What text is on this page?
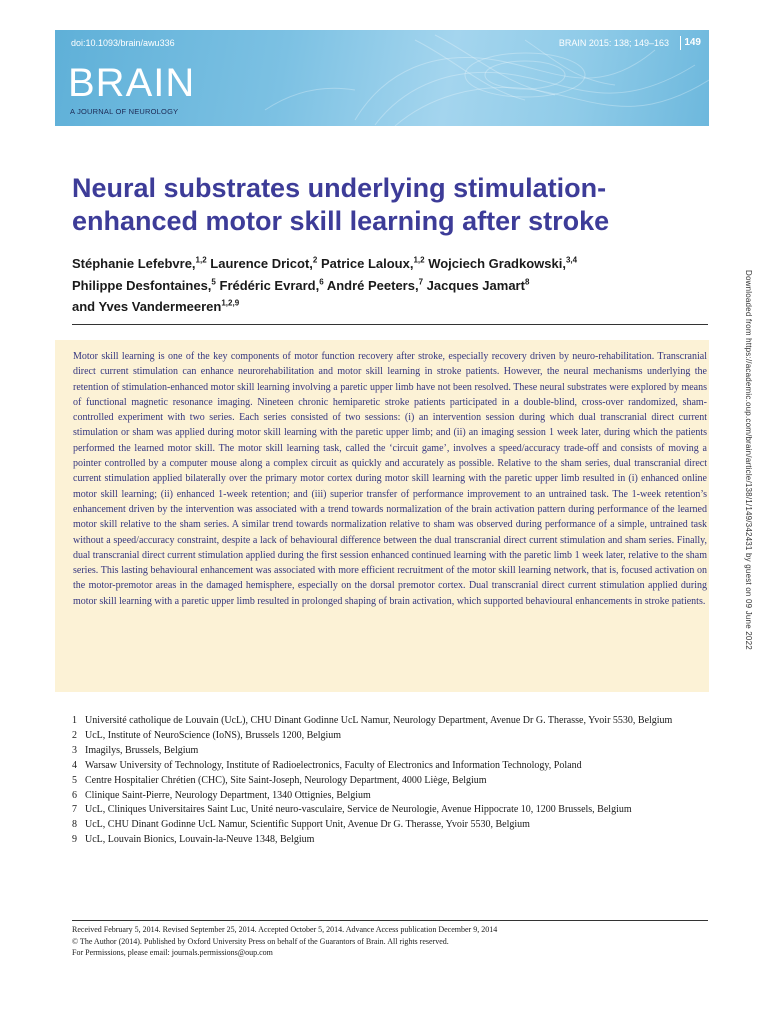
doi:10.1093/brain/awu336	BRAIN 2015: 138; 149–163 149
BRAIN
A JOURNAL OF NEUROLOGY
Neural substrates underlying stimulation-enhanced motor skill learning after stroke
Stéphanie Lefebvre,$^{1,2}$ Laurence Dricot,$^2$ Patrice Laloux,$^{1,2}$ Wojciech Gradkowski,$^{3,4}$
Philippe Desfontaines,$^5$ Frédéric Evrard,$^6$ André Peeters,$^7$ Jacques Jamart$^8$
and Yves Vandermeeren$^{1,2,9}$

Motor skill learning is one of the key components of motor function recovery after stroke, especially recovery driven by neuro-rehabilitation. Transcranial direct current stimulation can enhance neurorehabilitation and motor skill learning in stroke patients. However, the neural mechanisms underlying the retention of stimulation-enhanced motor skill learning involving a paretic upper limb have not been resolved. These neural substrates were explored by means of functional magnetic resonance imaging. Nineteen chronic hemiparetic stroke patients participated in a double-blind, cross-over randomized, sham-controlled experiment with two series. Each series consisted of two sessions: (i) an intervention session during which dual transcranial direct current stimulation or sham was applied during motor skill learning with the paretic upper limb; and (ii) an imaging session 1 week later, during which the patients performed the learned motor skill. The motor skill learning task, called the ‘circuit game’, involves a speed/accuracy trade-off and consists of moving a pointer controlled by a computer mouse along a complex circuit as quickly and accurately as possible. Relative to the sham series, dual transcranial direct current stimulation applied bilaterally over the primary motor cortex during motor skill learning with the paretic upper limb resulted in (i) enhanced online motor skill learning; (ii) enhanced 1-week retention; and (iii) superior transfer of performance improvement to an untrained task. The 1-week retention’s enhancement driven by the intervention was associated with a trend towards normalization of the brain activation pattern during performance of the learned motor skill relative to the sham series. A similar trend towards normalization relative to sham was observed during performance of a simple, untrained task without a speed/accuracy constraint, despite a lack of behavioural difference between the dual transcranial direct current stimulation and sham series. Finally, dual transcranial direct current stimulation applied during the first session enhanced continued learning with the paretic limb 1 week later, relative to the sham series. This lasting behavioural enhancement was associated with more efficient recruitment of the motor skill learning network, that is, focused activation on the motor-premotor areas in the damaged hemisphere, especially on the dorsal premotor cortex. Dual transcranial direct current stimulation applied during motor skill learning with a paretic upper limb resulted in prolonged shaping of brain activation, which supported behavioural enhancements in stroke patients.

1 Université catholique de Louvain (UcL), CHU Dinant Godinne UcL Namur, Neurology Department, Avenue Dr G. Therasse, Yvoir 5530, Belgium
2 UcL, Institute of NeuroScience (IoNS), Brussels 1200, Belgium
3 Imagilys, Brussels, Belgium
4 Warsaw University of Technology, Institute of Radioelectronics, Faculty of Electronics and Information Technology, Poland
5 Centre Hospitalier Chrétien (CHC), Site Saint-Joseph, Neurology Department, 4000 Liège, Belgium
6 Clinique Saint-Pierre, Neurology Department, 1340 Ottignies, Belgium
7 UcL, Cliniques Universitaires Saint Luc, Unité neuro-vasculaire, Service de Neurologie, Avenue Hippocrate 10, 1200 Brussels, Belgium
8 UcL, CHU Dinant Godinne UcL Namur, Scientific Support Unit, Avenue Dr G. Therasse, Yvoir 5530, Belgium
9 UcL, Louvain Bionics, Louvain-la-Neuve 1348, Belgium
Received February 5, 2014. Revised September 25, 2014. Accepted October 5, 2014. Advance Access publication December 9, 2014
© The Author (2014). Published by Oxford University Press on behalf of the Guarantors of Brain. All rights reserved.
For Permissions, please email: journals.permissions@oup.com
Downloaded from https://academic.oup.com/brain/article/138/1/149/342431 by guest on 09 June 2022
